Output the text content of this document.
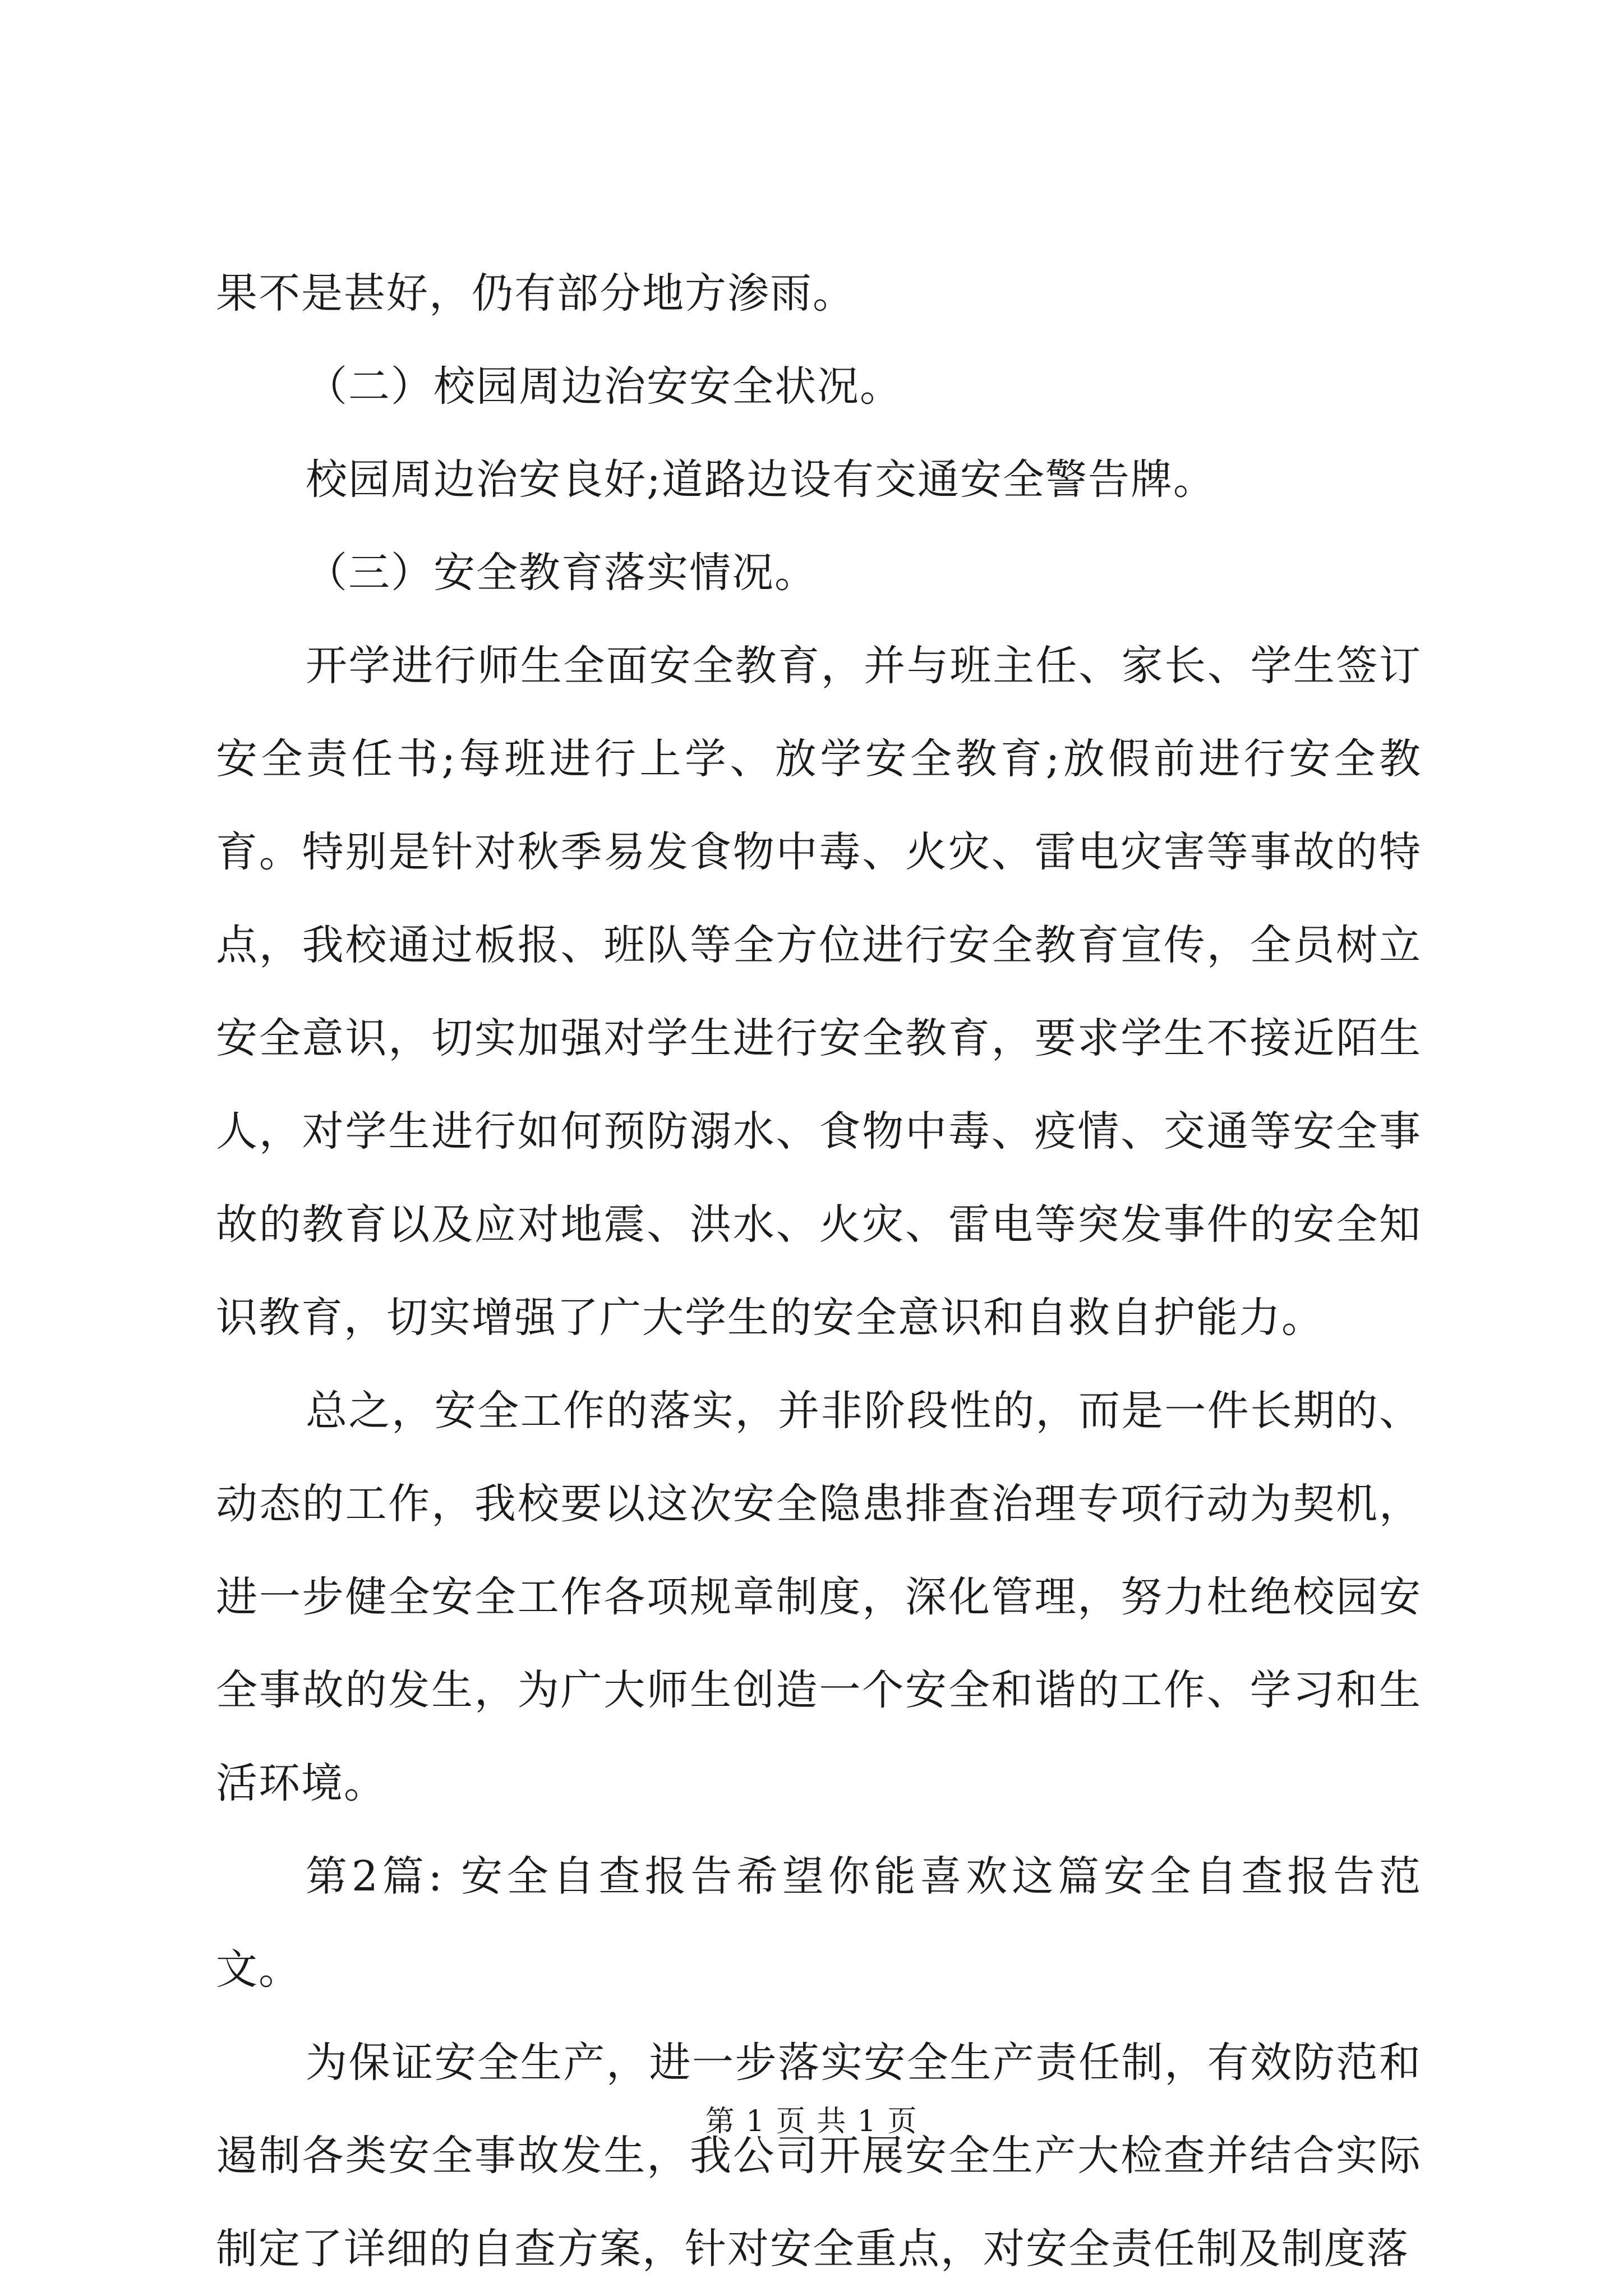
果不是甚好，仍有部分地方渗雨。

（二）校园周边治安安全状况。

校园周边治安良好;道路边设有交通安全警告牌。

（三）安全教育落实情况。

开学进行师生全面安全教育，并与班主任、家长、学生签订安全责任书;每班进行上学、放学安全教育;放假前进行安全教育。特别是针对秋季易发食物中毒、火灾、雷电灾害等事故的特点，我校通过板报、班队等全方位进行安全教育宣传，全员树立安全意识，切实加强对学生进行安全教育，要求学生不接近陌生人，对学生进行如何预防溺水、食物中毒、疫情、交通等安全事故的教育以及应对地震、洪水、火灾、雷电等突发事件的安全知识教育，切实增强了广大学生的安全意识和自救自护能力。

总之，安全工作的落实，并非阶段性的，而是一件长期的、动态的工作，我校要以这次安全隐患排查治理专项行动为契机，进一步健全安全工作各项规章制度，深化管理，努力杜绝校园安全事故的发生，为广大师生创造一个安全和谐的工作、学习和生活环境。

第2篇: 安全自查报告希望你能喜欢这篇安全自查报告范文。

为保证安全生产，进一步落实安全生产责任制，有效防范和遏制各类安全事故发生，我公司开展安全生产大检查并结合实际制定了详细的自查方案，针对安全重点，对安全责任制及制度落

第 1 页 共 1 页
